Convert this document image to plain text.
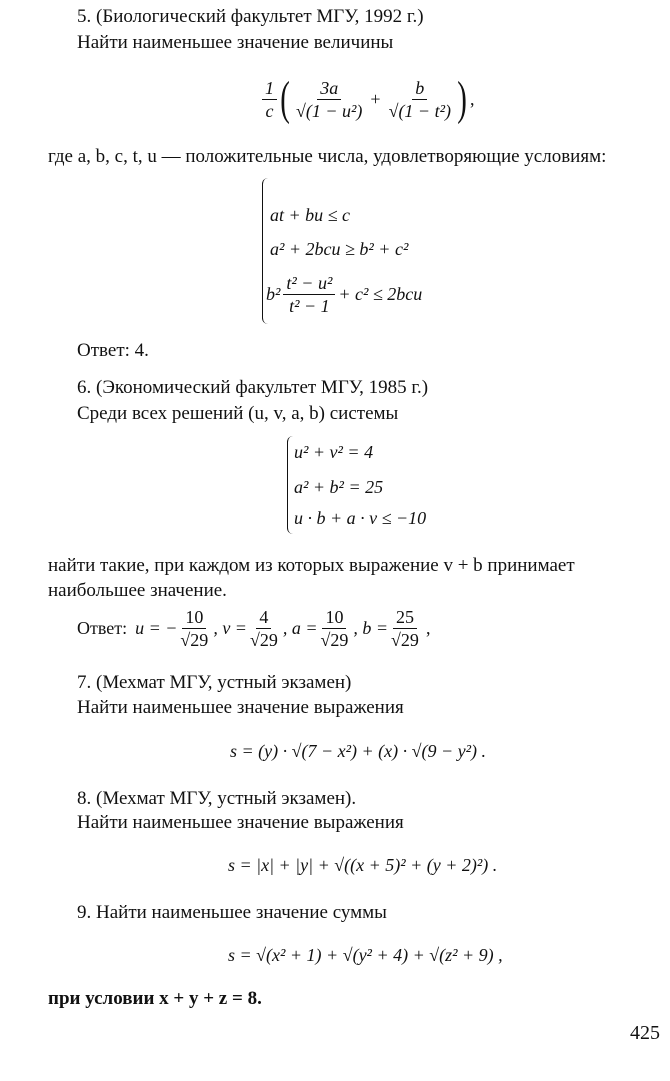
5. (Биологический факультет МГУ, 1992 г.)
Найти наименьшее значение величины
$\frac{1}{c}$ ( $\frac{3a}{\text{√(1 − u²)}} + \frac{b}{\text{√(1 − t²)}}$ ) ,
где a, b, c, t, u — положительные числа, удовлетворяющие условиям:
at + bu ≤ c
a² + 2bcu ≥ b² + c²
$b^2 \frac{\text{t² − u²}}{\text{t² − 1}} + c^2 \le 2bcu$
Ответ: 4.
6. (Экономический факультет МГУ, 1985 г.)
Среди всех решений (u, v, a, b) системы
u² + v² = 4
a² + b² = 25
u · b + a · v ≤ −10
найти такие, при каждом из которых выражение v + b принимает
наибольшее значение.
Ответ: u = − $\frac{10}{√29}$ , $v = \frac{4}{√29}$ , $a = \frac{10}{√29}$ , $b = \frac{25}{√29}$ ,
7. (Мехмат МГУ, устный экзамен)
Найти наименьшее значение выражения
s = (y) · √(7 − x²) + (x) · √(9 − y²) .
8. (Мехмат МГУ, устный экзамен).
Найти наименьшее значение выражения
s = |x| + |y| + √((x + 5)² + (y + 2)²) .
9. Найти наименьшее значение суммы
s = √(x² + 1) + √(y² + 4) + √(z² + 9) ,
при условии x + y + z = 8.
425
